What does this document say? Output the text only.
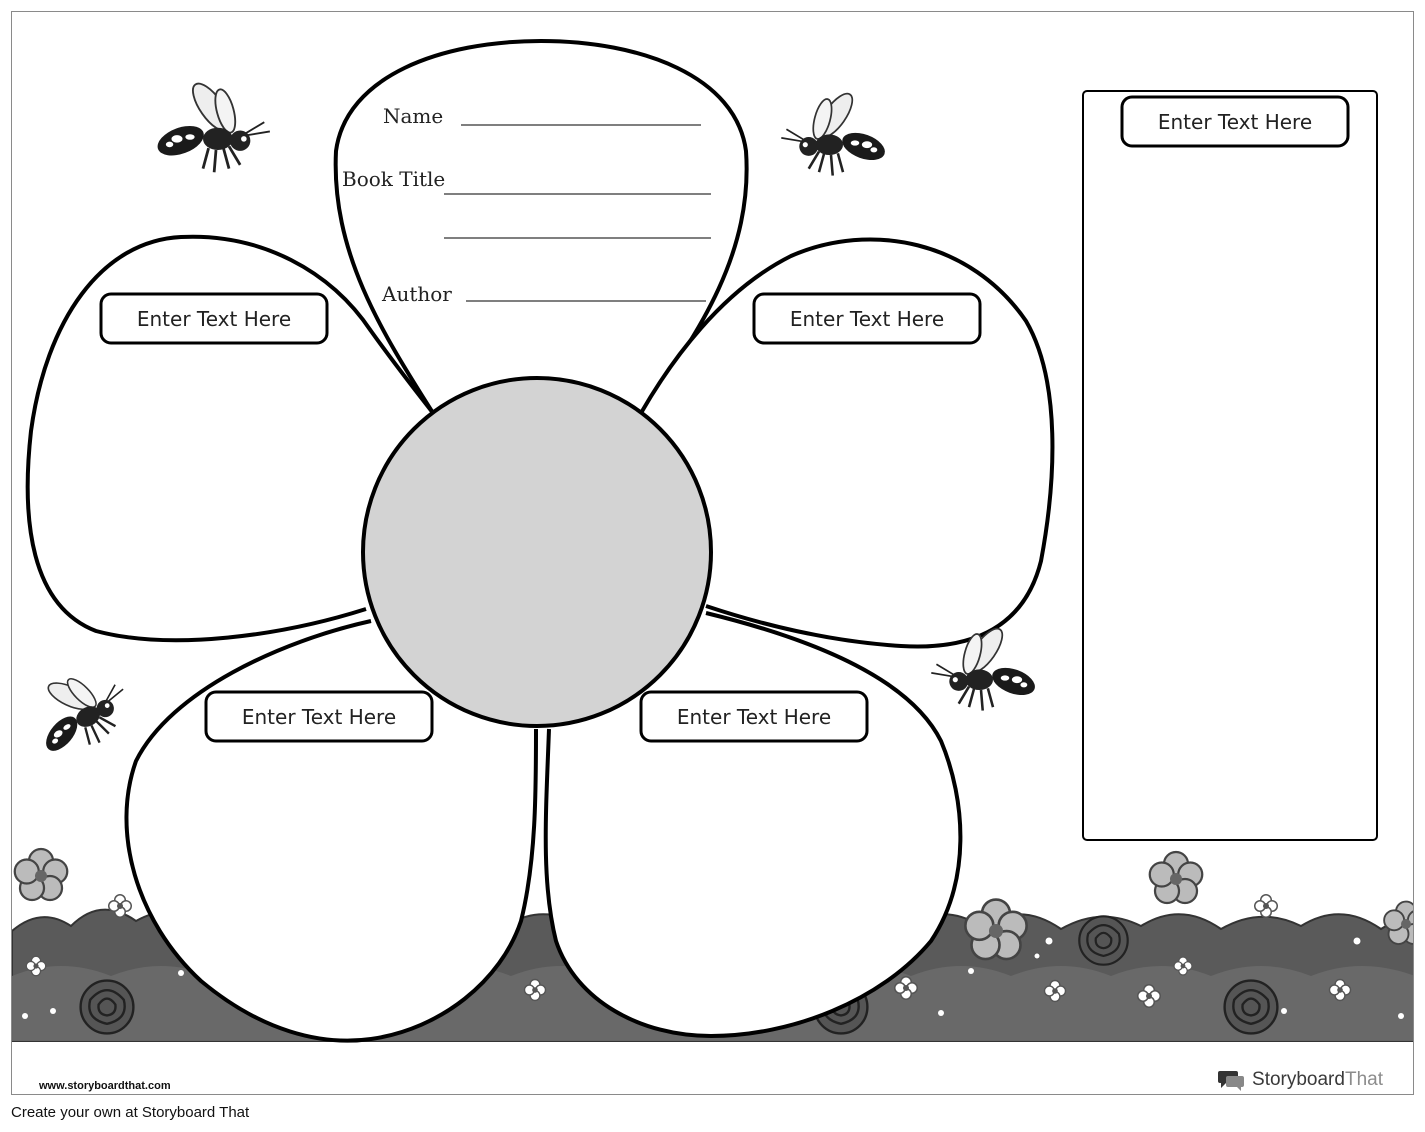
Name
Book Title
Author
Enter Text Here	Enter Text Here
Enter Text Here	Enter Text Here
Enter Text Here
www.storyboardthat.com	StoryboardThat
Create your own at Storyboard That
